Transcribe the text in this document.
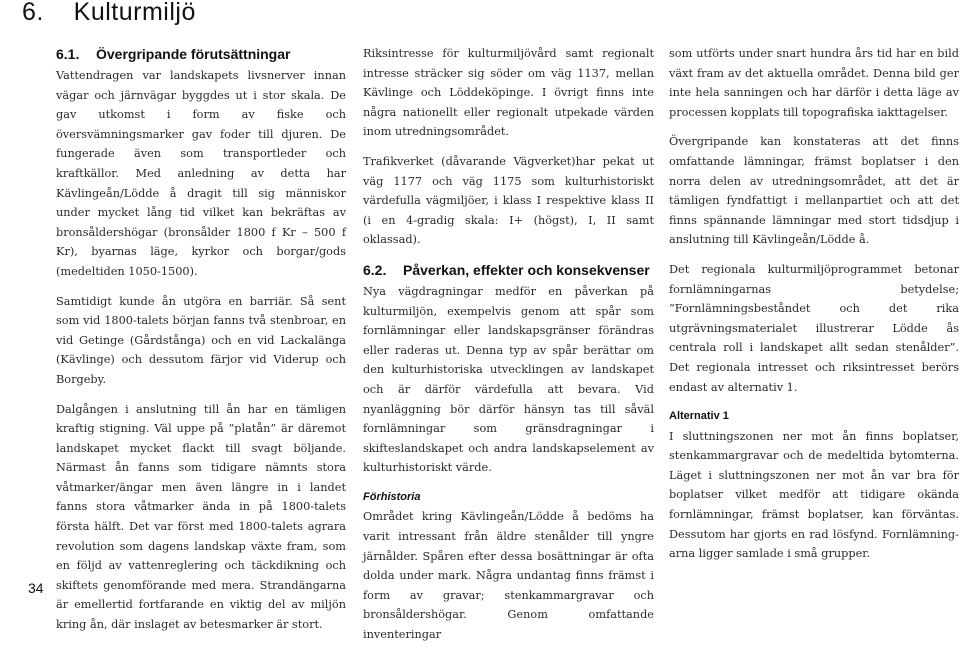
6. Kulturmiljö
6.1. Övergripande förutsättningar

Vattendragen var landskapets livsnerver innan vägar och järnvägar byggdes ut i stor skala. De gav utkomst i form av fiske och översvämningsmarker gav foder till djuren. De fungerade även som transportleder och kraftkällor. Med anledning av detta har Kävlingeån/Lödde å dragit till sig människor under mycket lång tid vilket kan bekräftas av bronsåldershögar (bronsålder 1800 f Kr – 500 f Kr), byarnas läge, kyrkor och borgar/gods (medeltiden 1050-1500).

Samtidigt kunde ån utgöra en barriär. Så sent som vid 1800-talets början fanns två stenbroar, en vid Getinge (Gårdstånga) och en vid Lackalänga (Kävlinge) och dessutom färjor vid Viderup och Borgeby.

Dalgången i anslutning till ån har en tämligen kraftig stigning. Väl uppe på ”platån” är däremot landskapet mycket flackt till svagt böljande. Närmast ån fanns som tidigare nämnts stora våtmarker/ängar men även längre in i landet fanns stora våtmarker ända in på 1800-talets första hälft. Det var först med 1800-talets agrara revolution som dagens landskap växte fram, som en följd av vattenreglering och täckdikning och skiftets genomförande med mera. Strandängarna är emellertid fortfarande en viktig del av miljön kring ån, där inslaget av betesmarker är stort.

Riksintresse för kulturmiljövård samt regionalt intresse sträcker sig söder om väg 1137, mellan Kävlinge och Löddeköpinge. I övrigt finns inte några nationellt eller regionalt utpekade värden inom utredningsområdet.

Trafikverket (dåvarande Vägverket)har pekat ut väg 1177 och väg 1175 som kulturhistoriskt värdefulla vägmiljöer, i klass I respektive klass II (i en 4-gradig skala: I+ (högst), I, II samt oklassad).

6.2. Påverkan, effekter och konsekvenser

Nya vägdragningar medför en påverkan på kulturmiljön, exempelvis genom att spår som fornlämningar eller landskapsgränser förändras eller raderas ut. Denna typ av spår berättar om den kulturhistoriska utvecklingen av landskapet och är därför värdefulla att bevara. Vid nyanläggning bör därför hänsyn tas till såväl fornlämningar som gränsdragningar i skifteslandskapet och andra landskapselement av kulturhistoriskt värde.

Förhistoria

Området kring Kävlingeån/Lödde å bedöms ha varit intressant från äldre stenålder till yngre järnålder. Spåren efter dessa bosättningar är ofta dolda under mark. Några undantag finns främst i form av gravar; stenkammargravar och bronsåldershögar. Genom omfattande inventeringar

som utförts under snart hundra års tid har en bild växt fram av det aktuella området. Denna bild ger inte hela sanningen och har därför i detta läge av processen kopplats till topografiska iakttagelser.

Övergripande kan konstateras att det finns omfattande lämningar, främst boplatser i den norra delen av utredningsområdet, att det är tämligen fyndfattigt i mellanpartiet och att det finns spännande lämningar med stort tidsdjup i anslutning till Kävlingeån/Lödde å.

Det regionala kulturmiljöprogrammet betonar fornlämningarnas betydelse; ”Fornlämningsbeståndet och det rika utgrävningsmaterialet illustrerar Lödde ås centrala roll i landskapet allt sedan stenålder”. Det regionala intresset och riksintresset berörs endast av alternativ 1.

Alternativ 1

I sluttningszonen ner mot ån finns boplatser, stenkammargravar och de medeltida bytomterna. Läget i sluttningszonen ner mot ån var bra för boplatser vilket medför att tidigare okända fornlämningar, främst boplatser, kan förväntas. Dessutom har gjorts en rad lösfynd. Fornlämningarna ligger samlade i små grupper.

34
